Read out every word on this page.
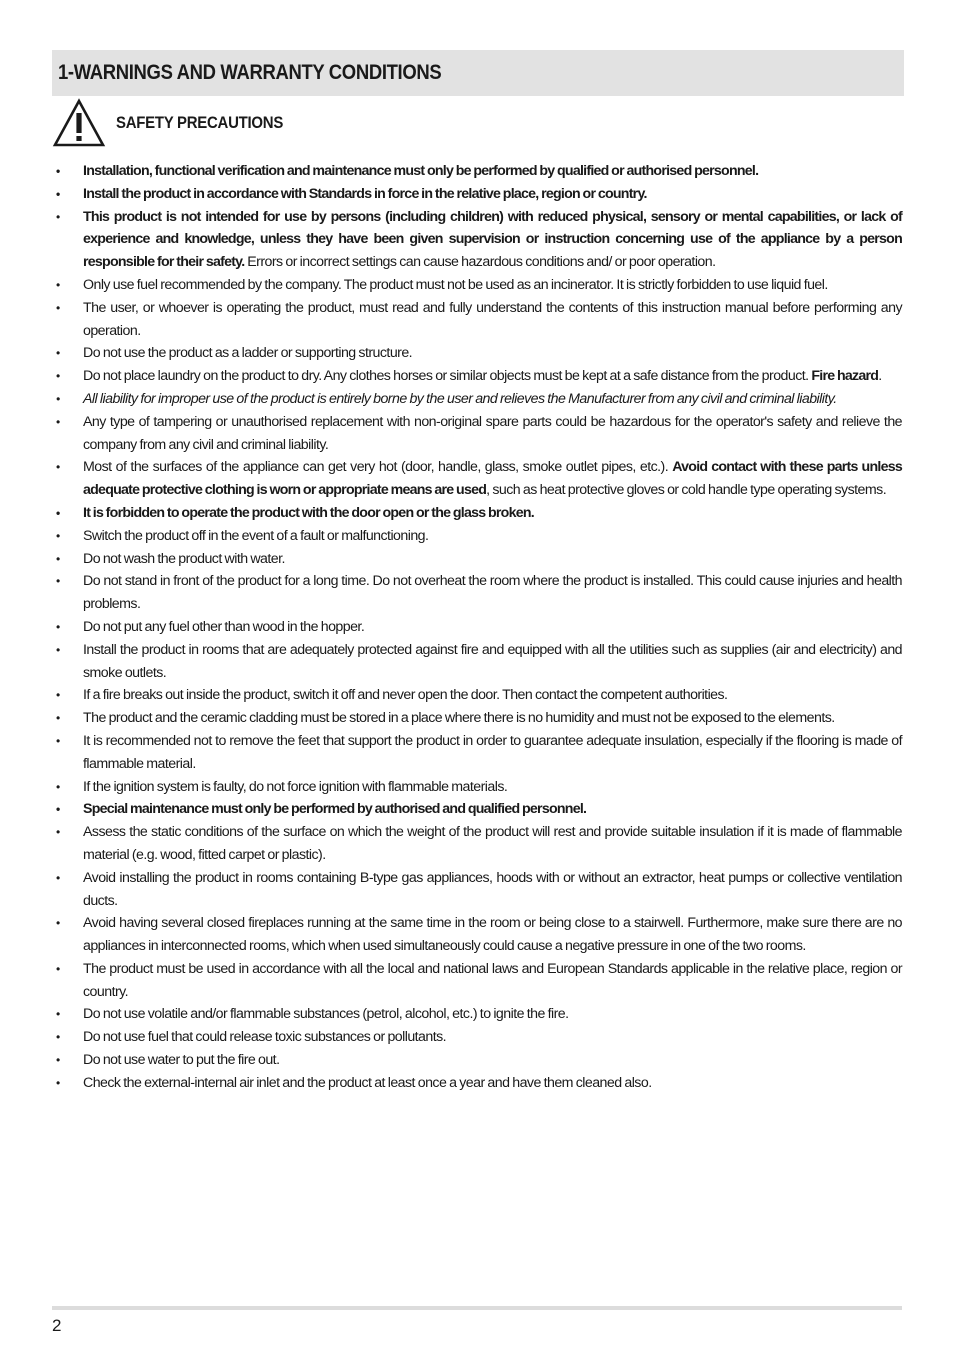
1-WARNINGS AND WARRANTY CONDITIONS
SAFETY PRECAUTIONS
• Installation, functional verification and maintenance must only be performed by qualified or authorised personnel.
• Install the product in accordance with Standards in force in the relative place, region or country.
• This product is not intended for use by persons (including children) with reduced physical, sensory or mental capabilities, or lack of experience and knowledge, unless they have been given supervision or instruction concerning use of the appliance by a person responsible for their safety. Errors or incorrect settings can cause hazardous conditions and/ or poor operation.
• Only use fuel recommended by the company. The product must not be used as an incinerator. It is strictly forbidden to use liquid fuel.
• The user, or whoever is operating the product, must read and fully understand the contents of this instruction manual before performing any operation.
• Do not use the product as a ladder or supporting structure.
• Do not place laundry on the product to dry. Any clothes horses or similar objects must be kept at a safe distance from the product. Fire hazard.
• All liability for improper use of the product is entirely borne by the user and relieves the Manufacturer from any civil and criminal liability.
• Any type of tampering or unauthorised replacement with non-original spare parts could be hazardous for the operator's safety and relieve the company from any civil and criminal liability.
• Most of the surfaces of the appliance can get very hot (door, handle, glass, smoke outlet pipes, etc.). Avoid contact with these parts unless adequate protective clothing is worn or appropriate means are used, such as heat protective gloves or cold handle type operating systems.
• It is forbidden to operate the product with the door open or the glass broken.
• Switch the product off in the event of a fault or malfunctioning.
• Do not wash the product with water.
• Do not stand in front of the product for a long time. Do not overheat the room where the product is installed. This could cause injuries and health problems.
• Do not put any fuel other than wood in the hopper.
• Install the product in rooms that are adequately protected against fire and equipped with all the utilities such as supplies (air and electricity) and smoke outlets.
• If a fire breaks out inside the product, switch it off and never open the door. Then contact the competent authorities.
• The product and the ceramic cladding must be stored in a place where there is no humidity and must not be exposed to the elements.
• It is recommended not to remove the feet that support the product in order to guarantee adequate insulation, especially if the flooring is made of flammable material.
• If the ignition system is faulty, do not force ignition with flammable materials.
• Special maintenance must only be performed by authorised and qualified personnel.
• Assess the static conditions of the surface on which the weight of the product will rest and provide suitable insulation if it is made of flammable material (e.g. wood, fitted carpet or plastic).
• Avoid installing the product in rooms containing B-type gas appliances, hoods with or without an extractor, heat pumps or collective ventilation ducts.
• Avoid having several closed fireplaces running at the same time in the room or being close to a stairwell. Furthermore, make sure there are no appliances in interconnected rooms, which when used simultaneously could cause a negative pressure in one of the two rooms.
• The product must be used in accordance with all the local and national laws and European Standards applicable in the relative place, region or country.
• Do not use volatile and/or flammable substances (petrol, alcohol, etc.) to ignite the fire.
• Do not use fuel that could release toxic substances or pollutants.
• Do not use water to put the fire out.
• Check the external-internal air inlet and the product at least once a year and have them cleaned also.
2
